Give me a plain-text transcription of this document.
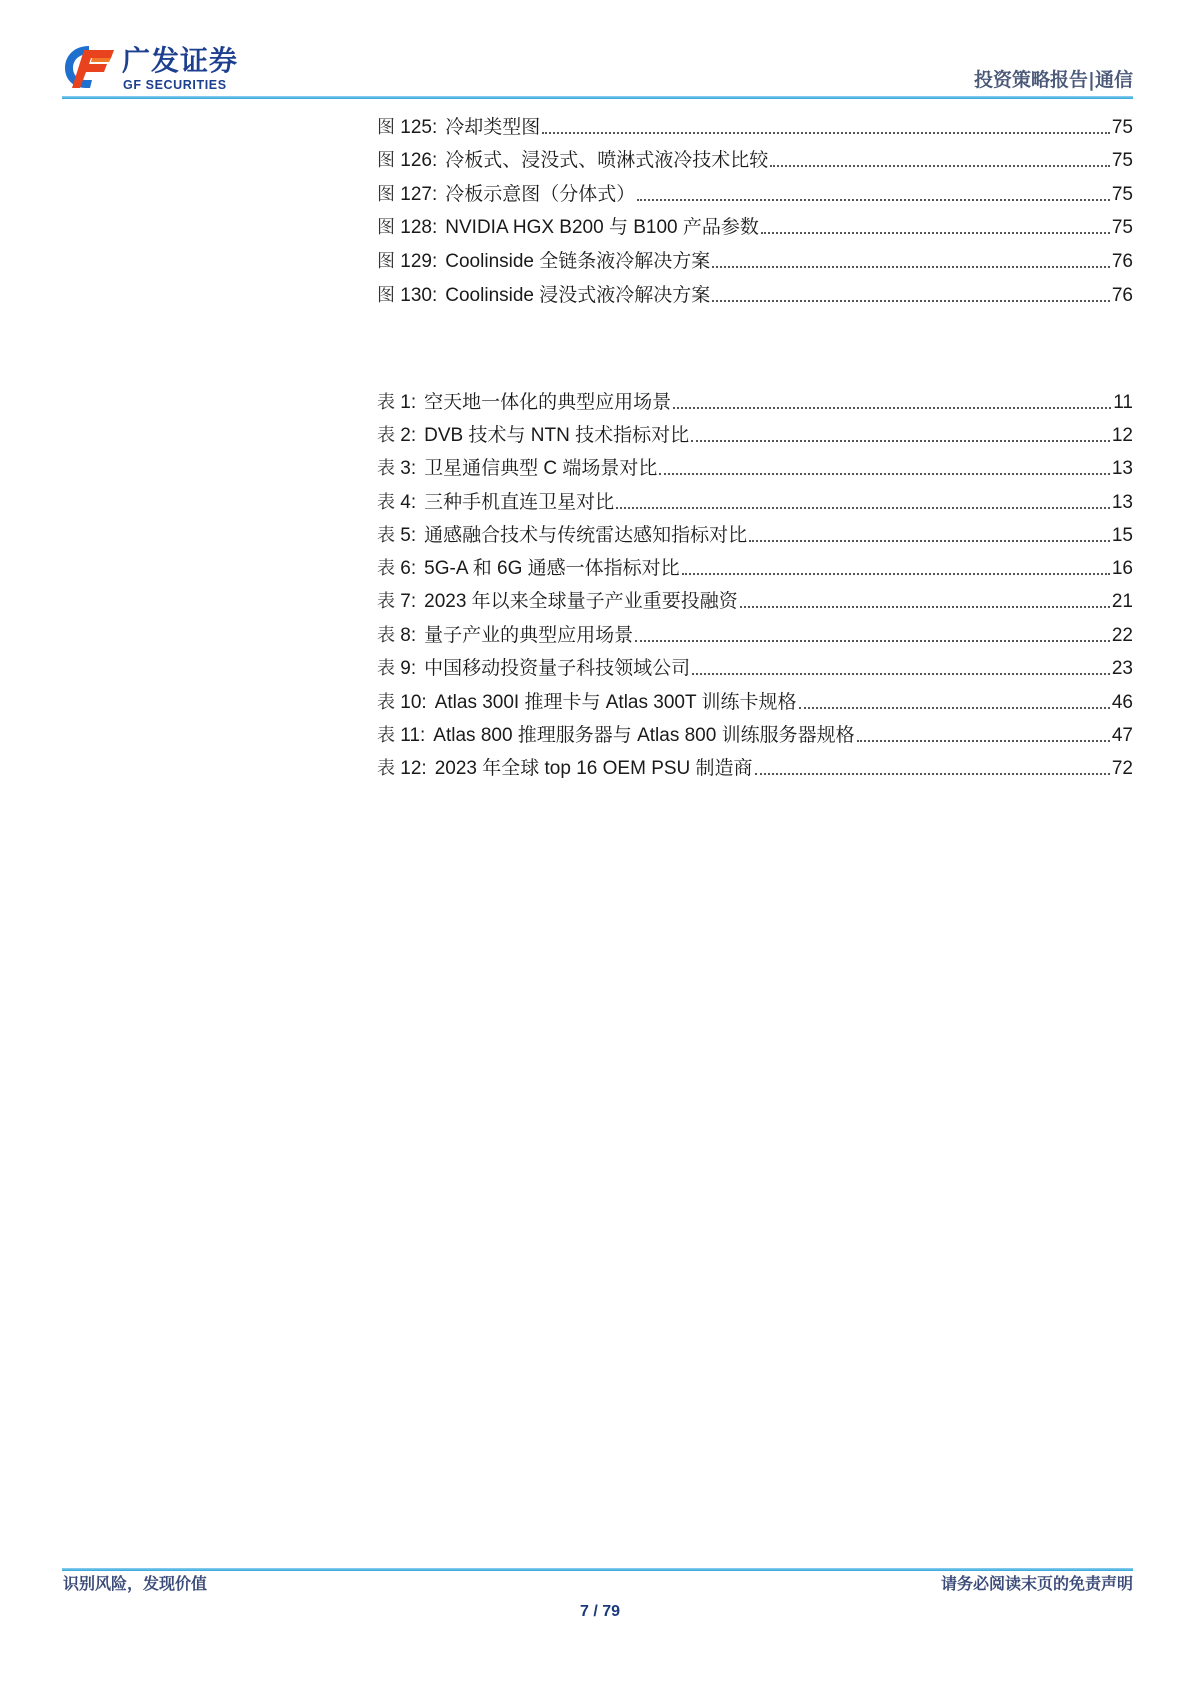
广发证券
GF SECURITIES	投资策略报告|通信
图 125: 冷却类型图	75
图 126: 冷板式、浸没式、喷淋式液冷技术比较	75
图 127: 冷板示意图（分体式）	75
图 128: NVIDIA HGX B200 与 B100 产品参数	75
图 129: Coolinside 全链条液冷解决方案	76
图 130: Coolinside 浸没式液冷解决方案	76
表 1: 空天地一体化的典型应用场景	11
表 2: DVB 技术与 NTN 技术指标对比	12
表 3: 卫星通信典型 C 端场景对比	13
表 4: 三种手机直连卫星对比	13
表 5: 通感融合技术与传统雷达感知指标对比	15
表 6: 5G-A 和 6G 通感一体指标对比	16
表 7: 2023 年以来全球量子产业重要投融资	21
表 8: 量子产业的典型应用场景	22
表 9: 中国移动投资量子科技领域公司	23
表 10: Atlas 300I 推理卡与 Atlas 300T 训练卡规格	46
表 11: Atlas 800 推理服务器与 Atlas 800 训练服务器规格	47
表 12: 2023 年全球 top 16 OEM PSU 制造商	72
识别风险，发现价值	请务必阅读末页的免责声明
7 / 79
